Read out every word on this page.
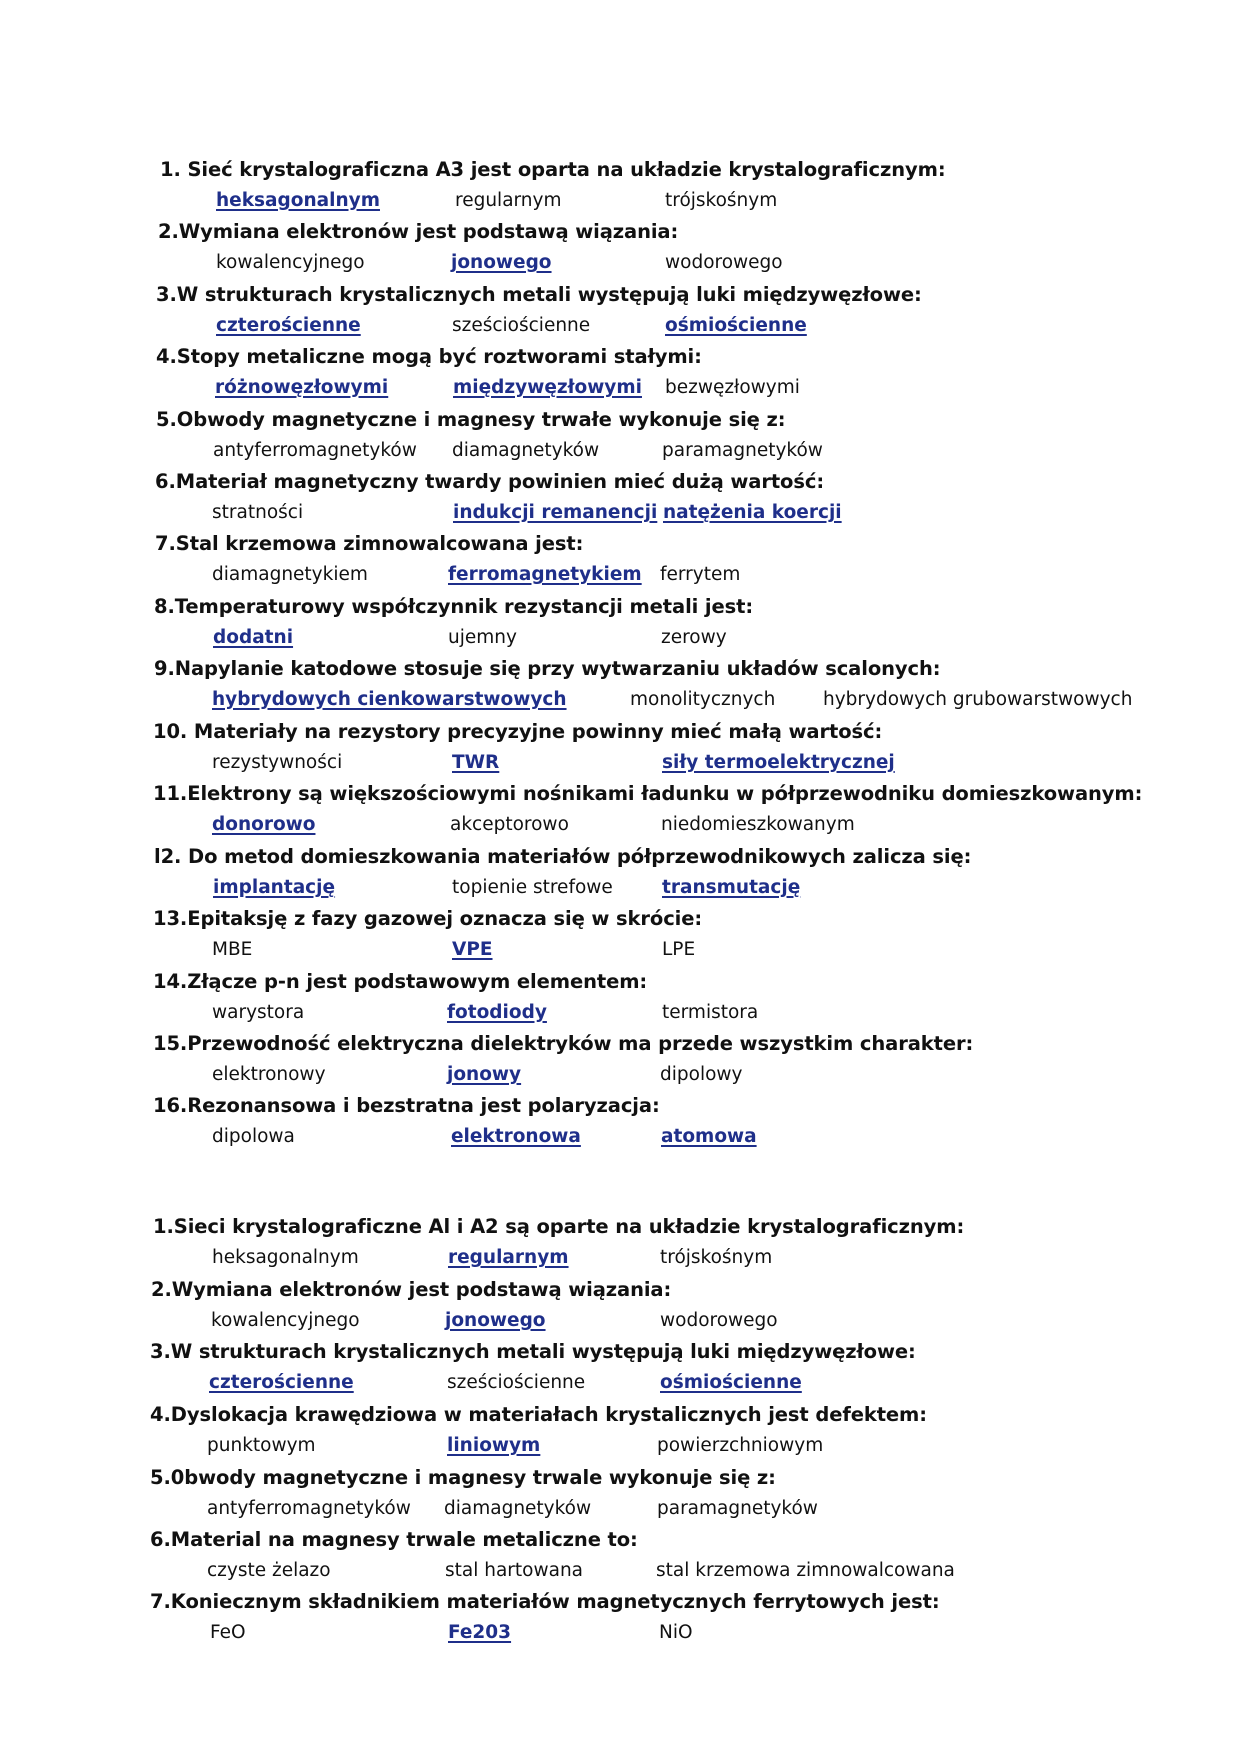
1. Sieć krystalograficzna A3 jest oparta na układzie krystalograficznym:

heksagonalnym	regularnym	trójskośnym

2.Wymiana elektronów jest podstawą wiązania:

kowalencyjnego	jonowego	wodorowego

3.W strukturach krystalicznych metali występują luki międzywęzłowe:

czterościenne	sześciościenne	ośmiościenne

4.Stopy metaliczne mogą być roztworami stałymi:

różnowęzłowymi	międzywęzłowymi bezwęzłowymi

5.Obwody magnetyczne i magnesy trwałe wykonuje się z:

antyferromagnetyków diamagnetyków	paramagnetyków

6.Materiał magnetyczny twardy powinien mieć dużą wartość:

stratności	indukcji remanencji natężenia koercji

7.Stal krzemowa zimnowalcowana jest:

diamagnetykiem	ferromagnetykiem ferrytem

8.Temperaturowy współczynnik rezystancji metali jest:

dodatni	ujemny	zerowy

9.Napylanie katodowe stosuje się przy wytwarzaniu układów scalonych:

hybrydowych cienkowarstwowych	monolitycznych	hybrydowych grubowarstwowych

10. Materiały na rezystory precyzyjne powinny mieć małą wartość:

rezystywności	TWR	siły termoelektrycznej

11.Elektrony są większościowymi nośnikami ładunku w półprzewodniku domieszkowanym:

donorowo	akceptorowo	niedomieszkowanym

l2. Do metod domieszkowania materiałów półprzewodnikowych zalicza się:

implantację	topienie strefowe	transmutację

13.Epitaksję z fazy gazowej oznacza się w skrócie:

MBE	VPE	LPE

14.Złącze p-n jest podstawowym elementem:

warystora	fotodiody	termistora

15.Przewodność elektryczna dielektryków ma przede wszystkim charakter:

elektronowy	jonowy	dipolowy

16.Rezonansowa i bezstratna jest polaryzacja:

dipolowa	elektronowa	atomowa

1.Sieci krystalograficzne Al i A2 są oparte na układzie krystalograficznym:

heksagonalnym	regularnym	trójskośnym

2.Wymiana elektronów jest podstawą wiązania:

kowalencyjnego	jonowego	wodorowego

3.W strukturach krystalicznych metali występują luki międzywęzłowe:

czterościenne	sześciościenne	ośmiościenne

4.Dyslokacja krawędziowa w materiałach krystalicznych jest defektem:

punktowym	liniowym	powierzchniowym

5.0bwody magnetyczne i magnesy trwale wykonuje się z:

antyferromagnetyków diamagnetyków	paramagnetyków

6.Material na magnesy trwale metaliczne to:

czyste żelazo	stal hartowana	stal krzemowa zimnowalcowana

7.Koniecznym składnikiem materiałów magnetycznych ferrytowych jest:

FeO	Fe203	NiO
